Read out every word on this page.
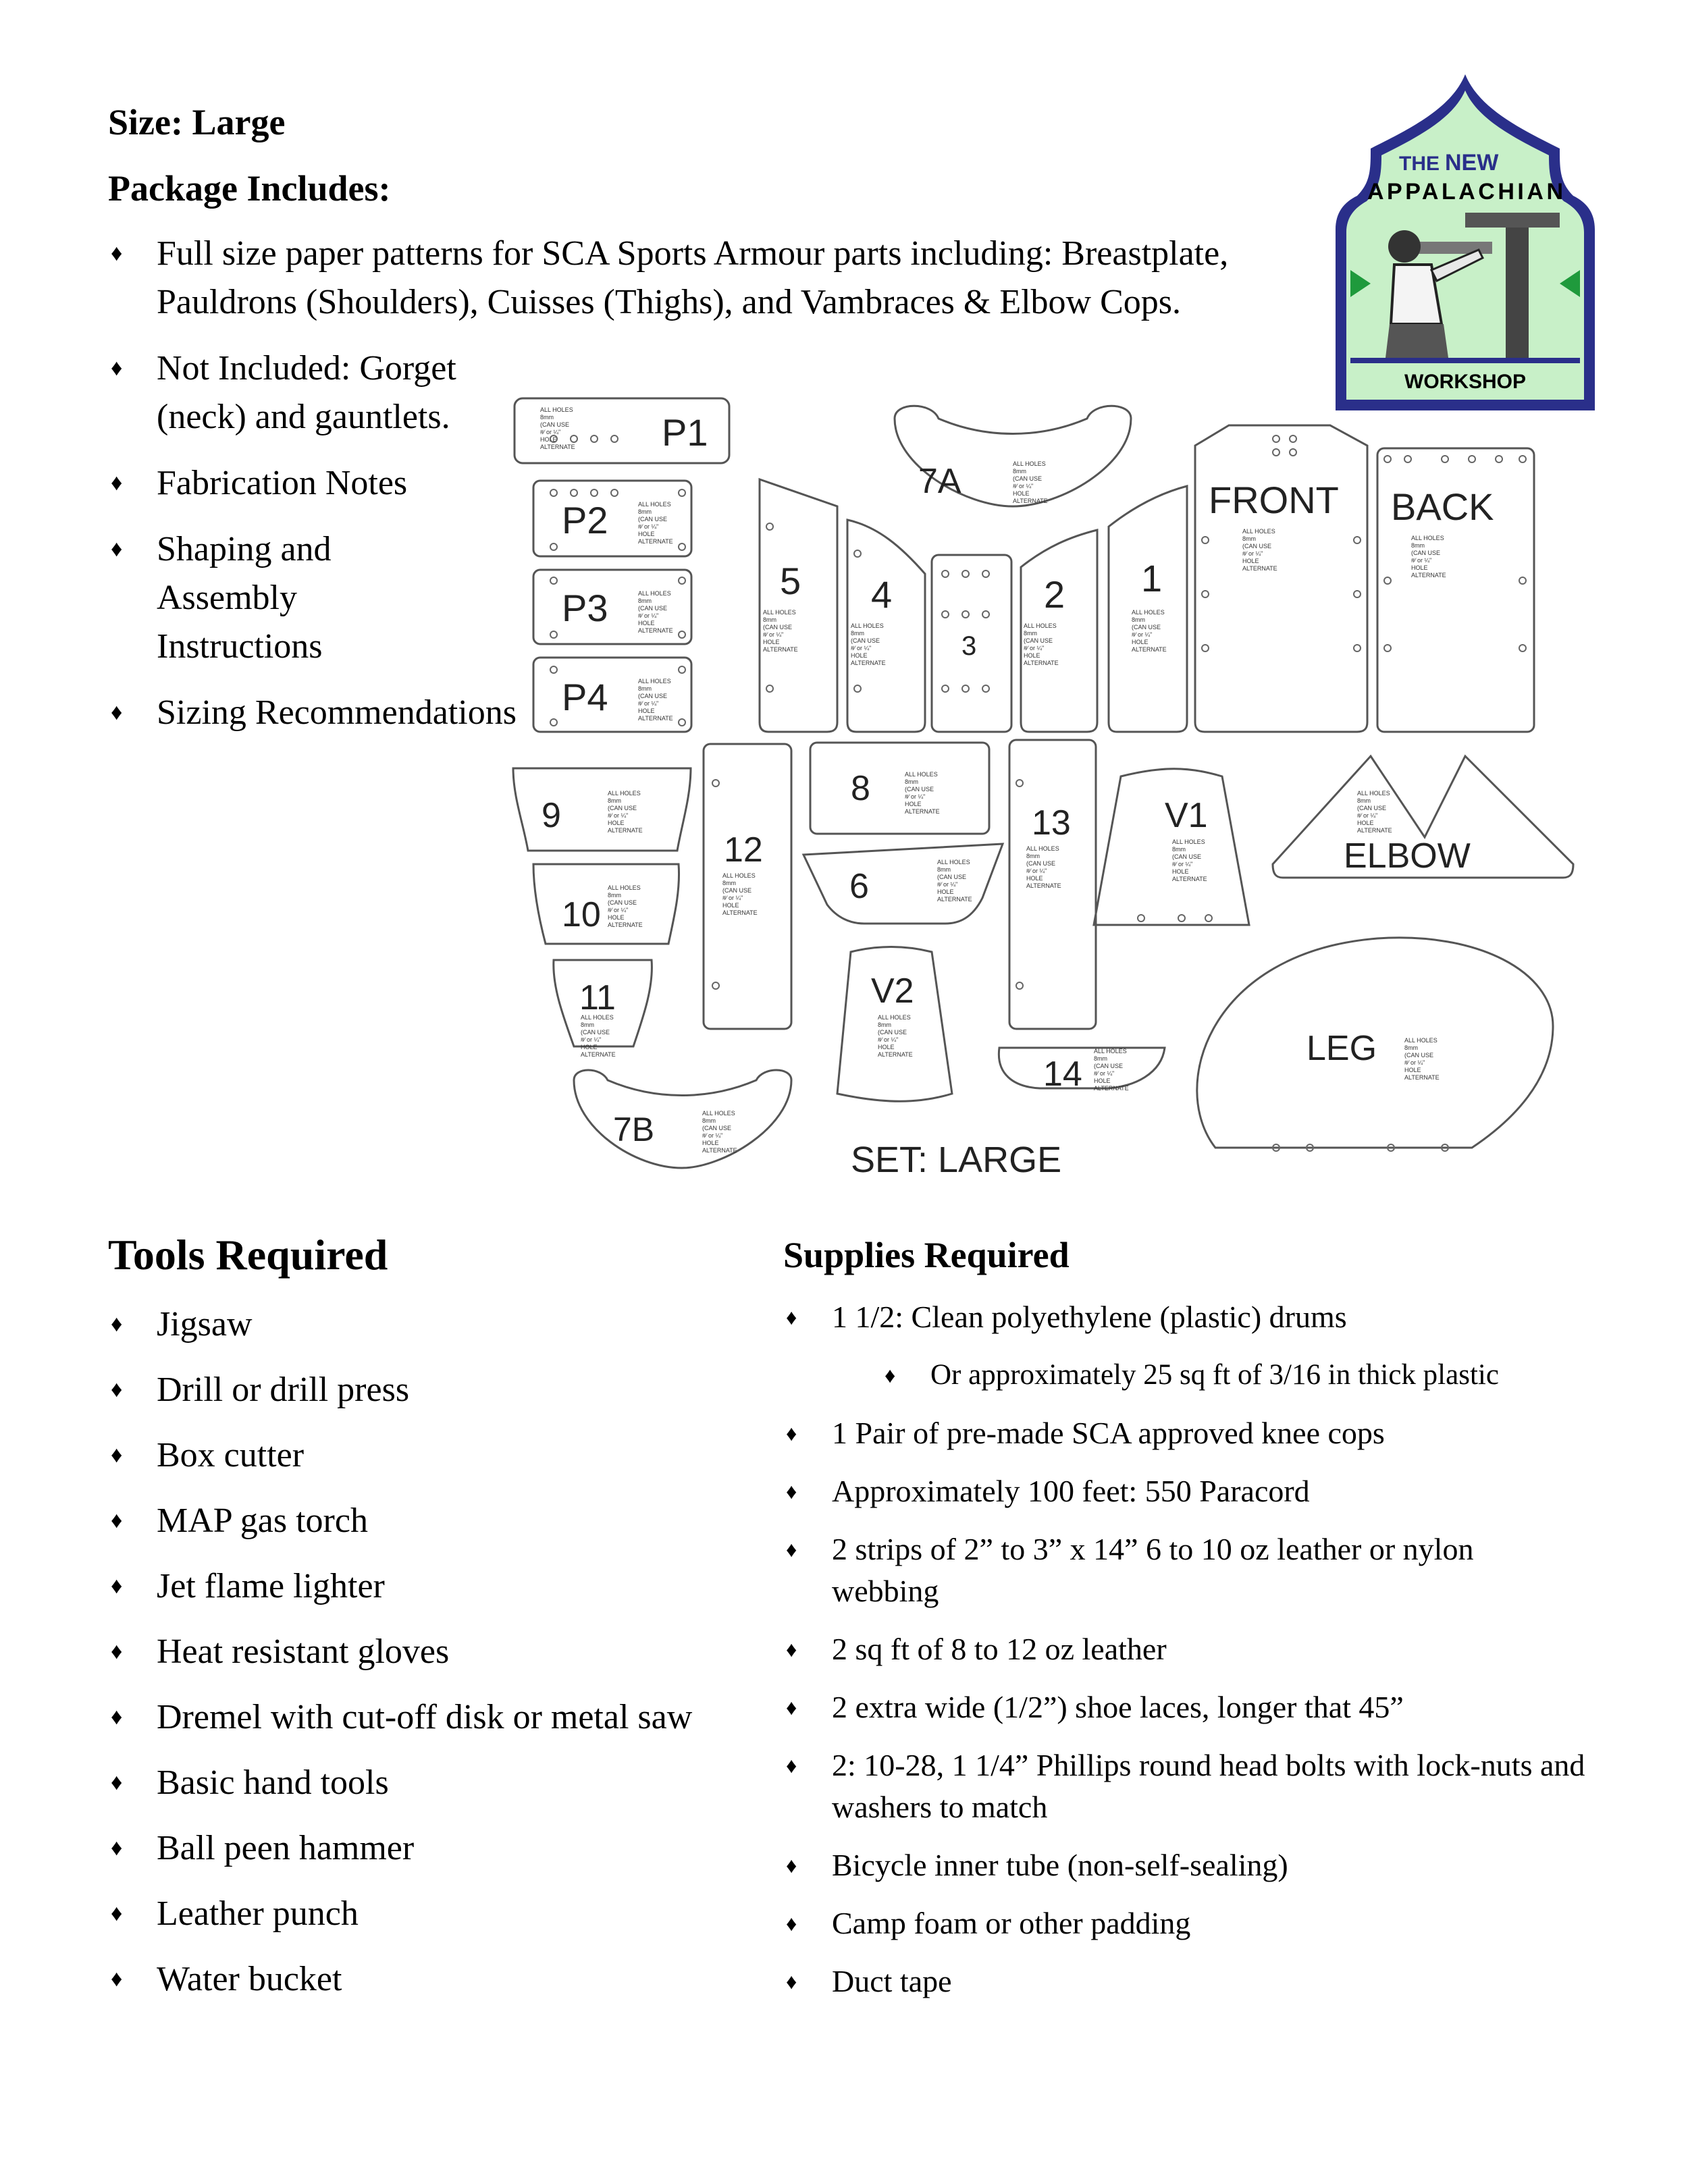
Size: Large
Package Includes:
♦ Full size paper patterns for SCA Sports Armour parts including: Breastplate, Pauldrons (Shoulders), Cuisses (Thighs), and Vambraces & Elbow Cops.
♦ Not Included: Gorget (neck) and gauntlets.
♦ Fabrication Notes
♦ Shaping and Assembly Instructions
♦ Sizing Recommendations
THE NEW
APPALACHIAN
WORKSHOP
ALL HOLES
8mm
(CAN USE
#⁄ or ¼"
HOLE
ALTERNATE	P1
P2
P3
P4
7A
5 4
3
2 1
FRONT BACK
9
12
8
13	V1
ELBOW
6
10
11	V2
14
LEG
7B
SET: LARGE
Tools Required
♦ Jigsaw
♦ Drill or drill press
♦ Box cutter
♦ MAP gas torch
♦ Jet flame lighter
♦ Heat resistant gloves
♦ Dremel with cut-off disk or metal saw
♦ Basic hand tools
♦ Ball peen hammer
♦ Leather punch
♦ Water bucket
Supplies Required
♦ 1 1/2: Clean polyethylene (plastic) drums
♦ Or approximately 25 sq ft of 3/16 in thick plastic
♦ 1 Pair of pre-made SCA approved knee cops
♦ Approximately 100 feet: 550 Paracord
♦ 2 strips of 2” to 3” x 14” 6 to 10 oz leather or nylon webbing
♦ 2 sq ft of 8 to 12 oz leather
♦ 2 extra wide (1/2”) shoe laces, longer that 45”
♦ 2: 10-28, 1 1/4” Phillips round head bolts with lock-nuts and washers to match
♦ Bicycle inner tube (non-self-sealing)
♦ Camp foam or other padding
♦ Duct tape
